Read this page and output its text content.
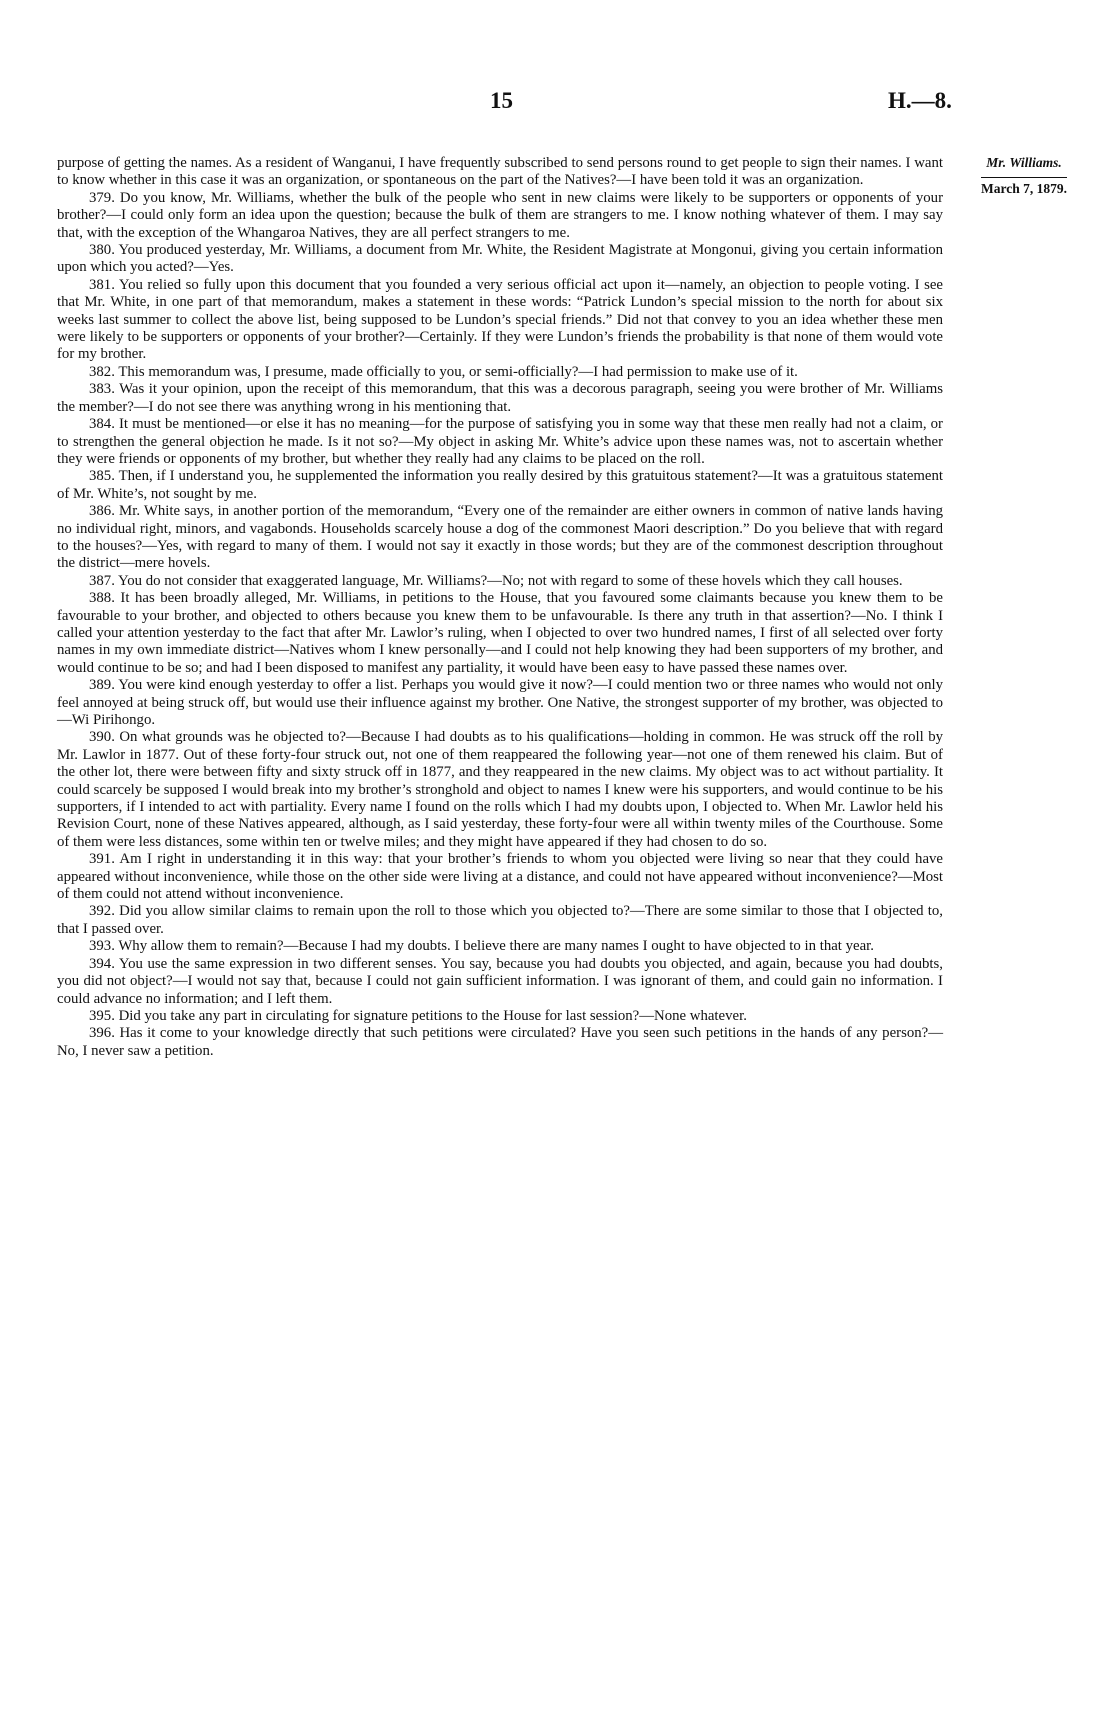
15	H.—8.
Mr. Williams.
March 7, 1879.

purpose of getting the names. As a resident of Wanganui, I have frequently subscribed to send persons round to get people to sign their names. I want to know whether in this case it was an organization, or spontaneous on the part of the Natives?—I have been told it was an organization.

379. Do you know, Mr. Williams, whether the bulk of the people who sent in new claims were likely to be supporters or opponents of your brother?—I could only form an idea upon the question; because the bulk of them are strangers to me. I know nothing whatever of them. I may say that, with the exception of the Whangaroa Natives, they are all perfect strangers to me.

380. You produced yesterday, Mr. Williams, a document from Mr. White, the Resident Magistrate at Mongonui, giving you certain information upon which you acted?—Yes.

381. You relied so fully upon this document that you founded a very serious official act upon it—namely, an objection to people voting. I see that Mr. White, in one part of that memorandum, makes a statement in these words: “Patrick Lundon’s special mission to the north for about six weeks last summer to collect the above list, being supposed to be Lundon’s special friends.” Did not that convey to you an idea whether these men were likely to be supporters or opponents of your brother?—Certainly. If they were Lundon’s friends the probability is that none of them would vote for my brother.

382. This memorandum was, I presume, made officially to you, or semi-officially?—I had permission to make use of it.

383. Was it your opinion, upon the receipt of this memorandum, that this was a decorous paragraph, seeing you were brother of Mr. Williams the member?—I do not see there was anything wrong in his mentioning that.

384. It must be mentioned—or else it has no meaning—for the purpose of satisfying you in some way that these men really had not a claim, or to strengthen the general objection he made. Is it not so?—My object in asking Mr. White’s advice upon these names was, not to ascertain whether they were friends or opponents of my brother, but whether they really had any claims to be placed on the roll.

385. Then, if I understand you, he supplemented the information you really desired by this gratuitous statement?—It was a gratuitous statement of Mr. White’s, not sought by me.

386. Mr. White says, in another portion of the memorandum, “Every one of the remainder are either owners in common of native lands having no individual right, minors, and vagabonds. Households scarcely house a dog of the commonest Maori description.” Do you believe that with regard to the houses?—Yes, with regard to many of them. I would not say it exactly in those words; but they are of the commonest description throughout the district—mere hovels.

387. You do not consider that exaggerated language, Mr. Williams?—No; not with regard to some of these hovels which they call houses.

388. It has been broadly alleged, Mr. Williams, in petitions to the House, that you favoured some claimants because you knew them to be favourable to your brother, and objected to others because you knew them to be unfavourable. Is there any truth in that assertion?—No. I think I called your attention yesterday to the fact that after Mr. Lawlor’s ruling, when I objected to over two hundred names, I first of all selected over forty names in my own immediate district—Natives whom I knew personally—and I could not help knowing they had been supporters of my brother, and would continue to be so; and had I been disposed to manifest any partiality, it would have been easy to have passed these names over.

389. You were kind enough yesterday to offer a list. Perhaps you would give it now?—I could mention two or three names who would not only feel annoyed at being struck off, but would use their influence against my brother. One Native, the strongest supporter of my brother, was objected to—Wi Pirihongo.

390. On what grounds was he objected to?—Because I had doubts as to his qualifications—holding in common. He was struck off the roll by Mr. Lawlor in 1877. Out of these forty-four struck out, not one of them reappeared the following year—not one of them renewed his claim. But of the other lot, there were between fifty and sixty struck off in 1877, and they reappeared in the new claims. My object was to act without partiality. It could scarcely be supposed I would break into my brother’s stronghold and object to names I knew were his supporters, and would continue to be his supporters, if I intended to act with partiality. Every name I found on the rolls which I had my doubts upon, I objected to. When Mr. Lawlor held his Revision Court, none of these Natives appeared, although, as I said yesterday, these forty-four were all within twenty miles of the Courthouse. Some of them were less distances, some within ten or twelve miles; and they might have appeared if they had chosen to do so.

391. Am I right in understanding it in this way: that your brother’s friends to whom you objected were living so near that they could have appeared without inconvenience, while those on the other side were living at a distance, and could not have appeared without inconvenience?—Most of them could not attend without inconvenience.

392. Did you allow similar claims to remain upon the roll to those which you objected to?—There are some similar to those that I objected to, that I passed over.

393. Why allow them to remain?—Because I had my doubts. I believe there are many names I ought to have objected to in that year.

394. You use the same expression in two different senses. You say, because you had doubts you objected, and again, because you had doubts, you did not object?—I would not say that, because I could not gain sufficient information. I was ignorant of them, and could gain no information. I could advance no information; and I left them.

395. Did you take any part in circulating for signature petitions to the House for last session?—None whatever.

396. Has it come to your knowledge directly that such petitions were circulated? Have you seen such petitions in the hands of any person?—No, I never saw a petition.
